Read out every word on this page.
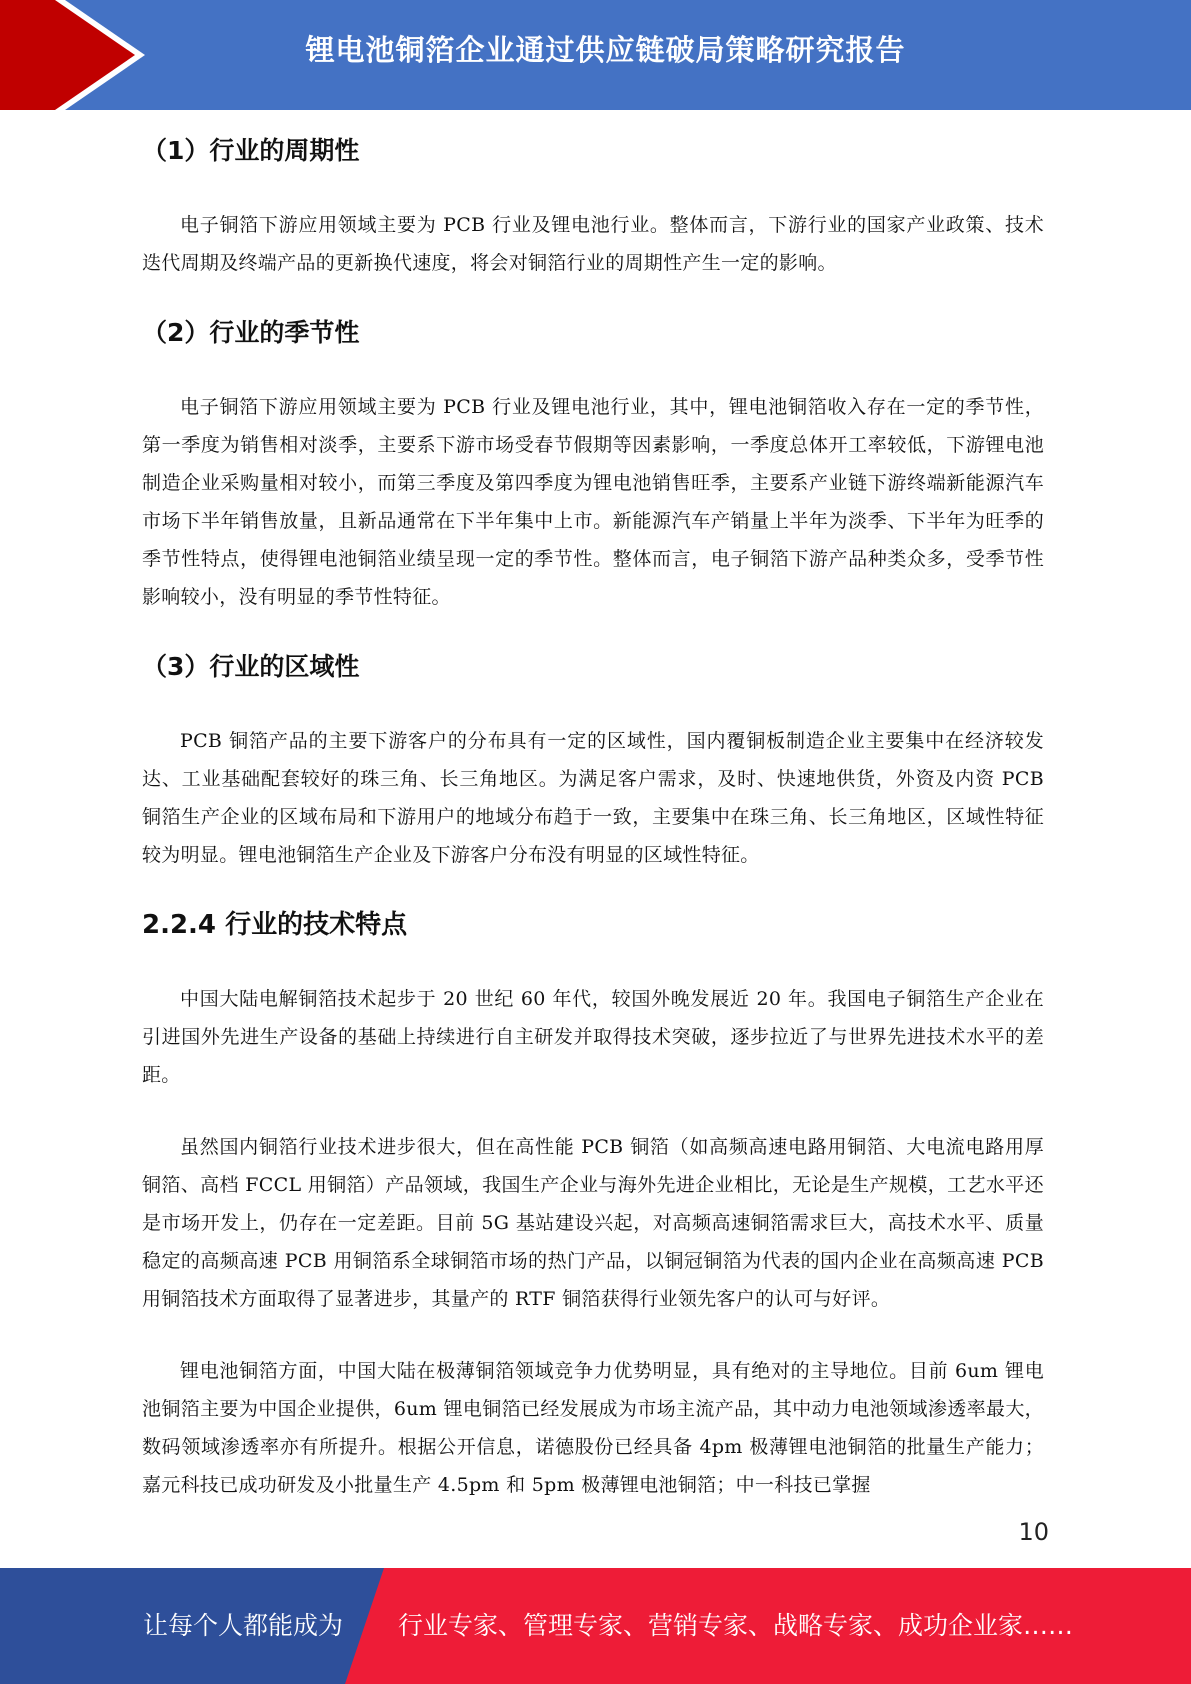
锂电池铜箔企业通过供应链破局策略研究报告
（1）行业的周期性

电子铜箔下游应用领域主要为 PCB 行业及锂电池行业。整体而言，下游行业的国家产业政策、技术迭代周期及终端产品的更新换代速度，将会对铜箔行业的周期性产生一定的影响。

（2）行业的季节性

电子铜箔下游应用领域主要为 PCB 行业及锂电池行业，其中，锂电池铜箔收入存在一定的季节性，第一季度为销售相对淡季，主要系下游市场受春节假期等因素影响，一季度总体开工率较低，下游锂电池制造企业采购量相对较小，而第三季度及第四季度为锂电池销售旺季，主要系产业链下游终端新能源汽车市场下半年销售放量，且新品通常在下半年集中上市。新能源汽车产销量上半年为淡季、下半年为旺季的季节性特点，使得锂电池铜箔业绩呈现一定的季节性。整体而言，电子铜箔下游产品种类众多，受季节性影响较小，没有明显的季节性特征。

（3）行业的区域性

PCB 铜箔产品的主要下游客户的分布具有一定的区域性，国内覆铜板制造企业主要集中在经济较发达、工业基础配套较好的珠三角、长三角地区。为满足客户需求，及时、快速地供货，外资及内资 PCB 铜箔生产企业的区域布局和下游用户的地域分布趋于一致，主要集中在珠三角、长三角地区，区域性特征较为明显。锂电池铜箔生产企业及下游客户分布没有明显的区域性特征。

2.2.4 行业的技术特点

中国大陆电解铜箔技术起步于 20 世纪 60 年代，较国外晚发展近 20 年。我国电子铜箔生产企业在引进国外先进生产设备的基础上持续进行自主研发并取得技术突破，逐步拉近了与世界先进技术水平的差距。

虽然国内铜箔行业技术进步很大，但在高性能 PCB 铜箔（如高频高速电路用铜箔、大电流电路用厚铜箔、高档 FCCL 用铜箔）产品领域，我国生产企业与海外先进企业相比，无论是生产规模，工艺水平还是市场开发上，仍存在一定差距。目前 5G 基站建设兴起，对高频高速铜箔需求巨大，高技术水平、质量稳定的高频高速 PCB 用铜箔系全球铜箔市场的热门产品，以铜冠铜箔为代表的国内企业在高频高速 PCB 用铜箔技术方面取得了显著进步，其量产的 RTF 铜箔获得行业领先客户的认可与好评。

锂电池铜箔方面，中国大陆在极薄铜箔领域竞争力优势明显，具有绝对的主导地位。目前 6um 锂电池铜箔主要为中国企业提供，6um 锂电铜箔已经发展成为市场主流产品，其中动力电池领域渗透率最大，数码领域渗透率亦有所提升。根据公开信息，诺德股份已经具备 4pm 极薄锂电池铜箔的批量生产能力；嘉元科技已成功研发及小批量生产 4.5pm 和 5pm 极薄锂电池铜箔；中一科技已掌握

10
让每个人都能成为 行业专家、管理专家、营销专家、战略专家、成功企业家……
